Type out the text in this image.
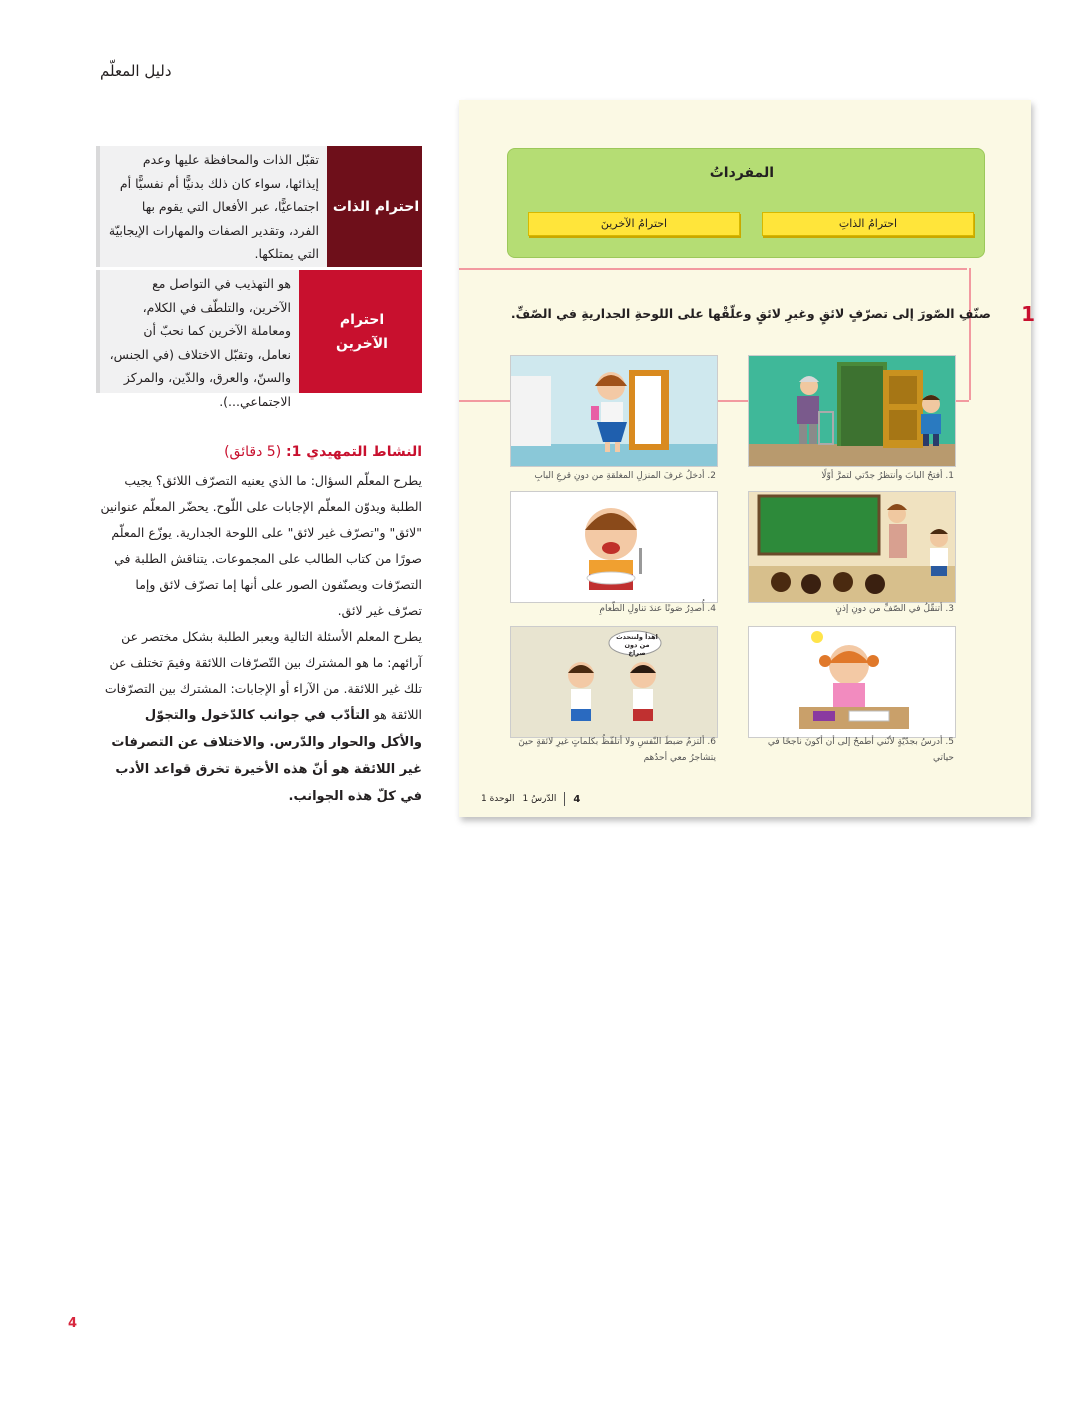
دليل المعلّم
احترام الذات
تقبّل الذات والمحافظة عليها وعدم إيذائها، سواء كان ذلك بدنيًّا أم نفسيًّا أم اجتماعيًّا، عبر الأفعال التي يقوم بها الفرد، وتقدير الصفات والمهارات الإيجابيّة التي يمتلكها.
احترام الآخرين
هو التهذيب في التواصل مع الآخرين، والتلطّف في الكلام، ومعاملة الآخرين كما نحبّ أن نعامل، وتقبّل الاختلاف (في الجنس، والسنّ، والعرق، والدّين، والمركز الاجتماعي...).
النشاط التمهيدي 1: (5 دقائق)

يطرح المعلّم السؤال: ما الذي يعنيه التصرّف اللائق؟ يجيب الطلبة ويدوّن المعلّم الإجابات على اللّوح. يحضّر المعلّم عنوانين "لائق" و"تصرّف غير لائق" على اللوحة الجدارية. يوزّع المعلّم صورًا من كتاب الطالب على المجموعات. يتناقش الطلبة في التصرّفات ويصنّفون الصور على أنها إما تصرّف لائق وإما تصرّف غير لائق.

يطرح المعلم الأسئلة التالية ويعبر الطلبة بشكل مختصر عن آرائهم: ما هو المشترك بين التّصرّفات اللائقة وفيمَ تختلف عن تلك غير اللائقة. من الآراء أو الإجابات: المشترك بين التصرّفات اللائقة هو التأدّب في جوانب كالدّخول والتجوّل والأكل والحوار والدّرس. والاختلاف عن التصرفات غير اللائقة هو أنّ هذه الأخيرة تخرق قواعد الأدب في كلّ هذه الجوانب.

المفرداتُ
احترامُ الذاتِ
احترامُ الآخرينَ
1
صنّفِ الصّورَ إلى تصرّفٍ لائقٍ وغيرِ لائقٍ وعلّقْها على اللوحةِ الجداريةِ في الصّفِّ.
1. أفتحُ البابَ وأنتظرُ جدّتي لتمرَّ أوّلًا
2. أدخلُ غرفَ المنزلِ المغلقةِ من دونِ قرعِ البابِ
3. أتنقّلُ في الصّفِّ من دونِ إذنٍ
4. أُصدِرُ صَوتًا عندَ تناولِ الطّعامِ
5. أدرسُ بجدّيّةٍ لأنّني أطمحُ إلى أن أكونَ ناجحًا في حياتي
اهدأ ولنتحدث من دون صراخ
6. ألتزمُ ضبطَ النّفسِ ولا أتلفّظُ بكلماتٍ غيرِ لائقةٍ حينَ يتشاجرُ معي أحدُهم
4
الدّرسُ 1
الوحدة 1
4
